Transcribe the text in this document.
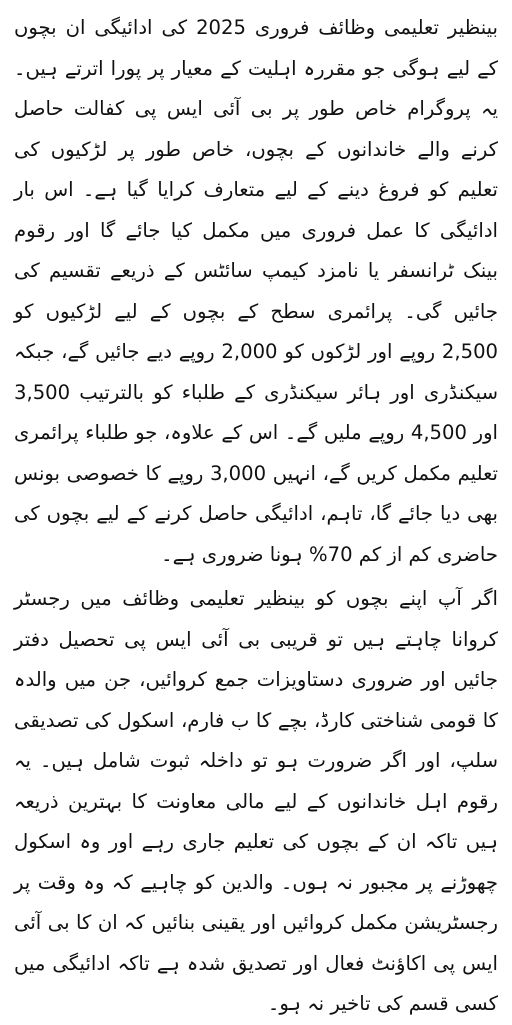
بینظیر تعلیمی وظائف فروری 2025 کی ادائیگی ان بچوں کے لیے ہوگی جو مقررہ اہلیت کے معیار پر پورا اترتے ہیں۔ یہ پروگرام خاص طور پر بی آئی ایس پی کفالت حاصل کرنے والے خاندانوں کے بچوں، خاص طور پر لڑکیوں کی تعلیم کو فروغ دینے کے لیے متعارف کرایا گیا ہے۔ اس بار ادائیگی کا عمل فروری میں مکمل کیا جائے گا اور رقوم بینک ٹرانسفر یا نامزد کیمپ سائٹس کے ذریعے تقسیم کی جائیں گی۔ پرائمری سطح کے بچوں کے لیے لڑکیوں کو 2,500 روپے اور لڑکوں کو 2,000 روپے دیے جائیں گے، جبکہ سیکنڈری اور ہائر سیکنڈری کے طلباء کو بالترتیب 3,500 اور 4,500 روپے ملیں گے۔ اس کے علاوہ، جو طلباء پرائمری تعلیم مکمل کریں گے، انہیں 3,000 روپے کا خصوصی بونس بھی دیا جائے گا، تاہم، ادائیگی حاصل کرنے کے لیے بچوں کی حاضری کم از کم 70% ہونا ضروری ہے۔

اگر آپ اپنے بچوں کو بینظیر تعلیمی وظائف میں رجسٹر کروانا چاہتے ہیں تو قریبی بی آئی ایس پی تحصیل دفتر جائیں اور ضروری دستاویزات جمع کروائیں، جن میں والدہ کا قومی شناختی کارڈ، بچے کا ب فارم، اسکول کی تصدیقی سلپ، اور اگر ضرورت ہو تو داخلہ ثبوت شامل ہیں۔ یہ رقوم اہل خاندانوں کے لیے مالی معاونت کا بہترین ذریعہ ہیں تاکہ ان کے بچوں کی تعلیم جاری رہے اور وہ اسکول چھوڑنے پر مجبور نہ ہوں۔ والدین کو چاہیے کہ وہ وقت پر رجسٹریشن مکمل کروائیں اور یقینی بنائیں کہ ان کا بی آئی ایس پی اکاؤنٹ فعال اور تصدیق شدہ ہے تاکہ ادائیگی میں کسی قسم کی تاخیر نہ ہو۔
